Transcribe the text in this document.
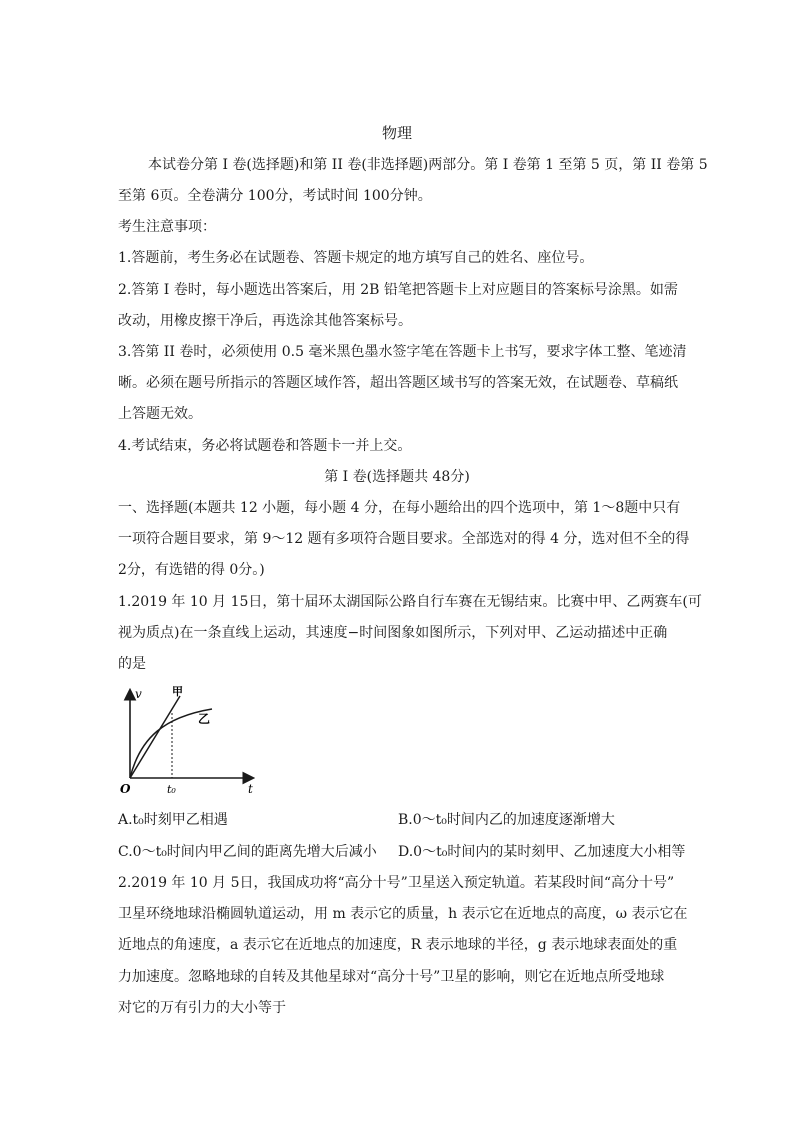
物理
本试卷分第 I 卷(选择题)和第 II 卷(非选择题)两部分。第 I 卷第 1 至第 5 页，第 II 卷第 5
至第 6页。全卷满分 100分，考试时间 100分钟。
考生注意事项：
1.答题前，考生务必在试题卷、答题卡规定的地方填写自己的姓名、座位号。
2.答第 I 卷时，每小题选出答案后，用 2B 铅笔把答题卡上对应题目的答案标号涂黑。如需
改动，用橡皮擦干净后，再选涂其他答案标号。
3.答第 II 卷时，必须使用 0.5 毫米黑色墨水签字笔在答题卡上书写，要求字体工整、笔迹清
晰。必须在题号所指示的答题区域作答，超出答题区域书写的答案无效，在试题卷、草稿纸
上答题无效。
4.考试结束，务必将试题卷和答题卡一并上交。
第 I 卷(选择题共 48分)
一、选择题(本题共 12 小题，每小题 4 分，在每小题给出的四个选项中，第 1～8题中只有
一项符合题目要求，第 9～12 题有多项符合题目要求。全部选对的得 4 分，选对但不全的得
2分，有选错的得 0分。)
1.2019 年 10 月 15日，第十届环太湖国际公路自行车赛在无锡结束。比赛中甲、乙两赛车(可
视为质点)在一条直线上运动，其速度−时间图象如图所示，下列对甲、乙运动描述中正确
的是
v
t
O	t₀
甲
乙
A.t₀时刻甲乙相遇	B.0～t₀时间内乙的加速度逐渐增大
C.0～t₀时间内甲乙间的距离先增大后减小 D.0～t₀时间内的某时刻甲、乙加速度大小相等
2.2019 年 10 月 5日，我国成功将“高分十号”卫星送入预定轨道。若某段时间“高分十号”
卫星环绕地球沿椭圆轨道运动，用 m 表示它的质量，h 表示它在近地点的高度，ω 表示它在
近地点的角速度，a 表示它在近地点的加速度，R 表示地球的半径，g 表示地球表面处的重
力加速度。忽略地球的自转及其他星球对“高分十号”卫星的影响，则它在近地点所受地球
对它的万有引力的大小等于
